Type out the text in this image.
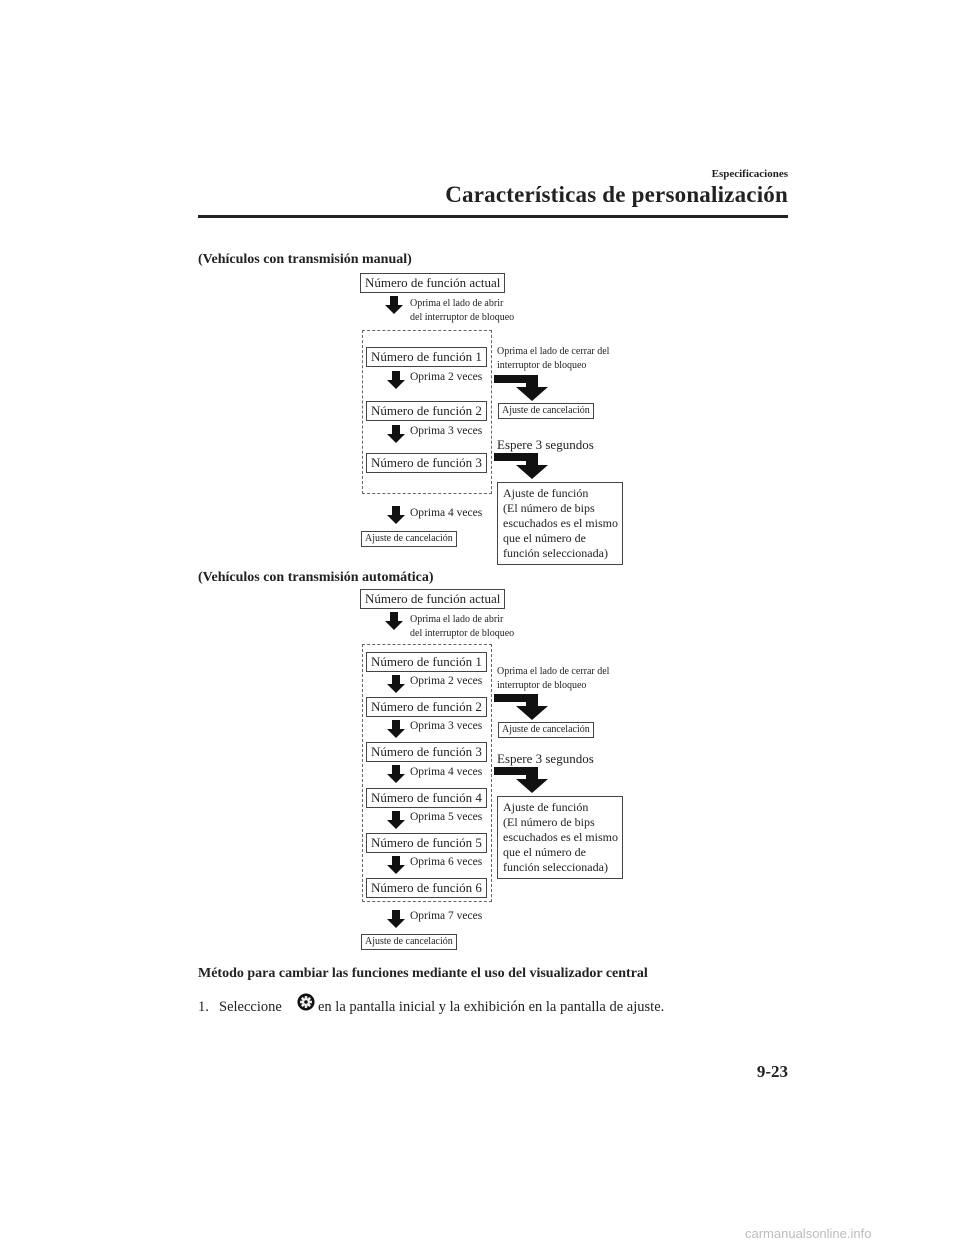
Especificaciones
Características de personalización
(Vehículos con transmisión manual)
Número de función actual
Oprima el lado de abrir
del interruptor de bloqueo
Número de función 1
Oprima 2 veces
Número de función 2
Oprima 3 veces
Número de función 3
Oprima 4 veces
Ajuste de cancelación
Oprima el lado de cerrar del
interruptor de bloqueo
Ajuste de cancelación
Espere 3 segundos
Ajuste de función
(El número de bips
escuchados es el mismo
que el número de
función seleccionada)
(Vehículos con transmisión automática)
Número de función actual
Oprima el lado de abrir
del interruptor de bloqueo
Número de función 1
Oprima 2 veces
Número de función 2
Oprima 3 veces
Número de función 3
Oprima 4 veces
Número de función 4
Oprima 5 veces
Número de función 5
Oprima 6 veces
Número de función 6
Oprima 7 veces
Ajuste de cancelación
Oprima el lado de cerrar del
interruptor de bloqueo
Ajuste de cancelación
Espere 3 segundos
Ajuste de función
(El número de bips
escuchados es el mismo
que el número de
función seleccionada)
Método para cambiar las funciones mediante el uso del visualizador central
1. Seleccione en la pantalla inicial y la exhibición en la pantalla de ajuste.
9-23
carmanualsonline.info
